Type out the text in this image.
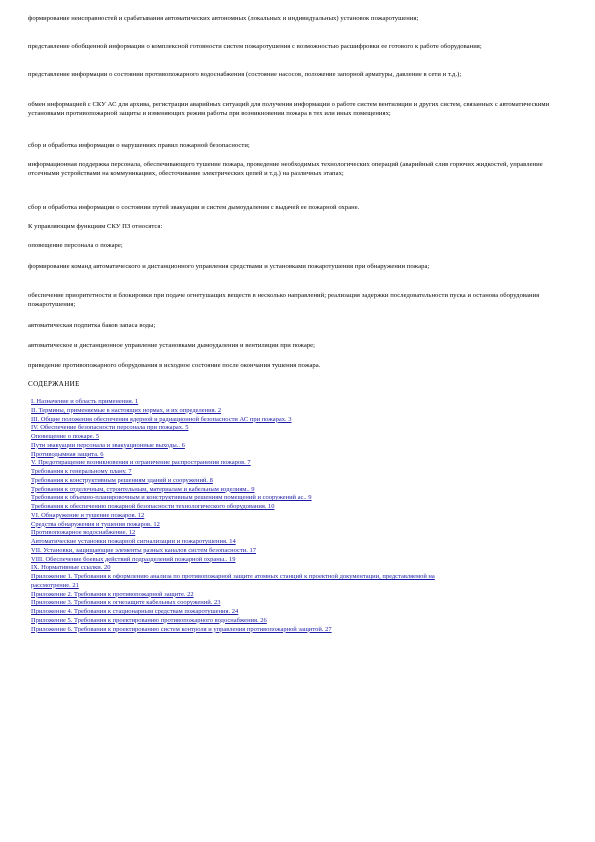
формирование неисправностей и срабатывания автоматических автономных (локальных и индивидуальных) установок пожаротушения;

представление обобщенной информации о комплексной готовности систем пожаротушения с возможностью расшифровки ее готового к работе оборудования;

представление информации о состоянии противопожарного водоснабжения (состояние насосов, положение запорной арматуры, давление в сети и т.д.);

обмен информацией с СКУ АС для архива, регистрации аварийных ситуаций для получения информации о работе систем вентиляции и других систем, связанных с автоматическими установками противопожарной защиты и изменяющих режим работы при возникновении пожара в тех или иных помещениях;

сбор и обработка информации о нарушениях правил пожарной безопасности;

информационная поддержка персонала, обеспечивающего тушение пожара, проведение необходимых технологических операций (аварийный слив горючих жидкостей, управление отсечными устройствами на коммуникациях, обесточивание электрических цепей и т.д.) на различных этапах;

сбор и обработка информации о состоянии путей эвакуации и систем дымоудаления с выдачей ее пожарной охране.

К управляющим функциям СКУ ПЗ относятся:

оповещение персонала о пожаре;

формирование команд автоматического и дистанционного управления средствами и установками пожаротушения при обнаружении пожара;

обеспечение приоритетности и блокировки при подаче огнетушащих веществ в несколько направлений; реализация задержки последовательности пуска и останова оборудования пожаротушения;

автоматическая подпитка баков запаса воды;

автоматическое и дистанционное управление установками дымоудаления и вентиляции при пожаре;

приведение противопожарного оборудования в исходное состояние после окончания тушения пожара.

СОДЕРЖАНИЕ
I. Назначение и область применения. 1
II. Термины, применяемые в настоящих нормах, и их определения. 2
III. Общие положения обеспечения ядерной и радиационной безопасности АС при пожарах. 3
IV. Обеспечение безопасности персонала при пожарах. 5
Оповещение о пожаре. 5
Пути эвакуации персонала и эвакуационные выходы.. 6
Противодымная защита. 6
V. Предотвращение возникновения и ограничение распространения пожаров. 7
Требования к генеральному плану. 7
Требования к конструктивным решениям зданий и сооружений. 8
Требования к отделочным, строительным, материалам и кабельным изделиям.. 9
Требования к объемно-планировочным и конструктивным решениям помещений и сооружений ас.. 9
Требования к обеспечению пожарной безопасности технологического оборудования. 10
VI. Обнаружение и тушение пожаров. 12
Средства обнаружения и тушения пожаров. 12
Противопожарное водоснабжение. 12
Автоматические установки пожарной сигнализации и пожаротушения. 14
VII. Установки, защищающие элементы разных каналов систем безопасности. 17
VIII. Обеспечение боевых действий подразделений пожарной охраны.. 19
IX. Нормативные ссылки. 20
Приложение 1. Требования к оформлению анализа по противопожарной защите атомных станций к проектной документации, представляемой на рассмотрение. 21
Приложение 2. Требования к противопожарной защите. 22
Приложение 3. Требования к огнезащите кабельных сооружений. 23
Приложение 4. Требования к стационарным средствам пожаротушения. 24
Приложение 5. Требования к проектированию противопожарного водоснабжения. 26
Приложение 6. Требования к проектированию систем контроля и управления противопожарной защитой. 27
